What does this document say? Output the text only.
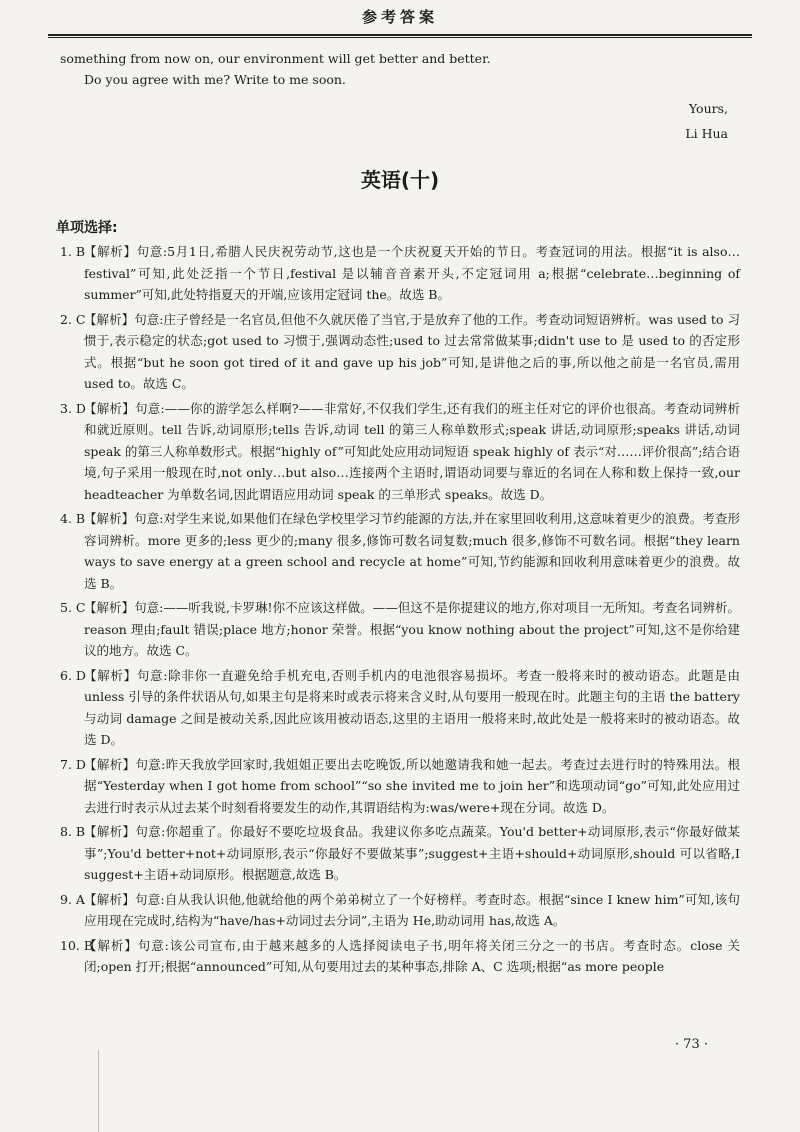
参考答案

something from now on, our environment will get better and better.

Do you agree with me? Write to me soon.

Yours,
Li Hua
英语(十)
单项选择:
1. B
【解析】句意:5月1日,希腊人民庆祝劳动节,这也是一个庆祝夏天开始的节日。考查冠词的用法。根据“it is also…festival”可知,此处泛指一个节日,festival 是以辅音音素开头,不定冠词用 a;根据“celebrate…beginning of summer”可知,此处特指夏天的开端,应该用定冠词 the。故选 B。
2. C
【解析】句意:庄子曾经是一名官员,但他不久就厌倦了当官,于是放弃了他的工作。考查动词短语辨析。was used to 习惯于,表示稳定的状态;got used to 习惯于,强调动态性;used to 过去常常做某事;didn't use to 是 used to 的否定形式。根据“but he soon got tired of it and gave up his job”可知,是讲他之后的事,所以他之前是一名官员,需用 used to。故选 C。
3. D
【解析】句意:——你的游学怎么样啊?——非常好,不仅我们学生,还有我们的班主任对它的评价也很高。考查动词辨析和就近原则。tell 告诉,动词原形;tells 告诉,动词 tell 的第三人称单数形式;speak 讲话,动词原形;speaks 讲话,动词 speak 的第三人称单数形式。根据“highly of”可知此处应用动词短语 speak highly of 表示“对……评价很高”;结合语境,句子采用一般现在时,not only…but also…连接两个主语时,谓语动词要与靠近的名词在人称和数上保持一致,our headteacher 为单数名词,因此谓语应用动词 speak 的三单形式 speaks。故选 D。
4. B
【解析】句意:对学生来说,如果他们在绿色学校里学习节约能源的方法,并在家里回收利用,这意味着更少的浪费。考查形容词辨析。more 更多的;less 更少的;many 很多,修饰可数名词复数;much 很多,修饰不可数名词。根据“they learn ways to save energy at a green school and recycle at home”可知,节约能源和回收利用意味着更少的浪费。故选 B。
5. C
【解析】句意:——听我说,卡罗琳!你不应该这样做。——但这不是你提建议的地方,你对项目一无所知。考查名词辨析。reason 理由;fault 错误;place 地方;honor 荣誉。根据“you know nothing about the project”可知,这不是你给建议的地方。故选 C。
6. D
【解析】句意:除非你一直避免给手机充电,否则手机内的电池很容易损坏。考查一般将来时的被动语态。此题是由 unless 引导的条件状语从句,如果主句是将来时或表示将来含义时,从句要用一般现在时。此题主句的主语 the battery 与动词 damage 之间是被动关系,因此应该用被动语态,这里的主语用一般将来时,故此处是一般将来时的被动语态。故选 D。
7. D
【解析】句意:昨天我放学回家时,我姐姐正要出去吃晚饭,所以她邀请我和她一起去。考查过去进行时的特殊用法。根据“Yesterday when I got home from school”“so she invited me to join her”和选项动词“go”可知,此处应用过去进行时表示从过去某个时刻看将要发生的动作,其谓语结构为:was/were+现在分词。故选 D。
8. B
【解析】句意:你超重了。你最好不要吃垃圾食品。我建议你多吃点蔬菜。You'd better+动词原形,表示“你最好做某事”;You'd better+not+动词原形,表示“你最好不要做某事”;suggest+主语+should+动词原形,should 可以省略,I suggest+主语+动词原形。根据题意,故选 B。
9. A 【解析】句意:自从我认识他,他就给他的两个弟弟树立了一个好榜样。考查时态。根据“since I knew him”可知,该句应用现在完成时,结构为“have/has+动词过去分词”,主语为 He,助动词用 has,故选 A。
10. B
【解析】句意:该公司宣布,由于越来越多的人选择阅读电子书,明年将关闭三分之一的书店。考查时态。close 关闭;open 打开;根据“announced”可知,从句要用过去的某种事态,排除 A、C 选项;根据“as more people
· 73 ·
